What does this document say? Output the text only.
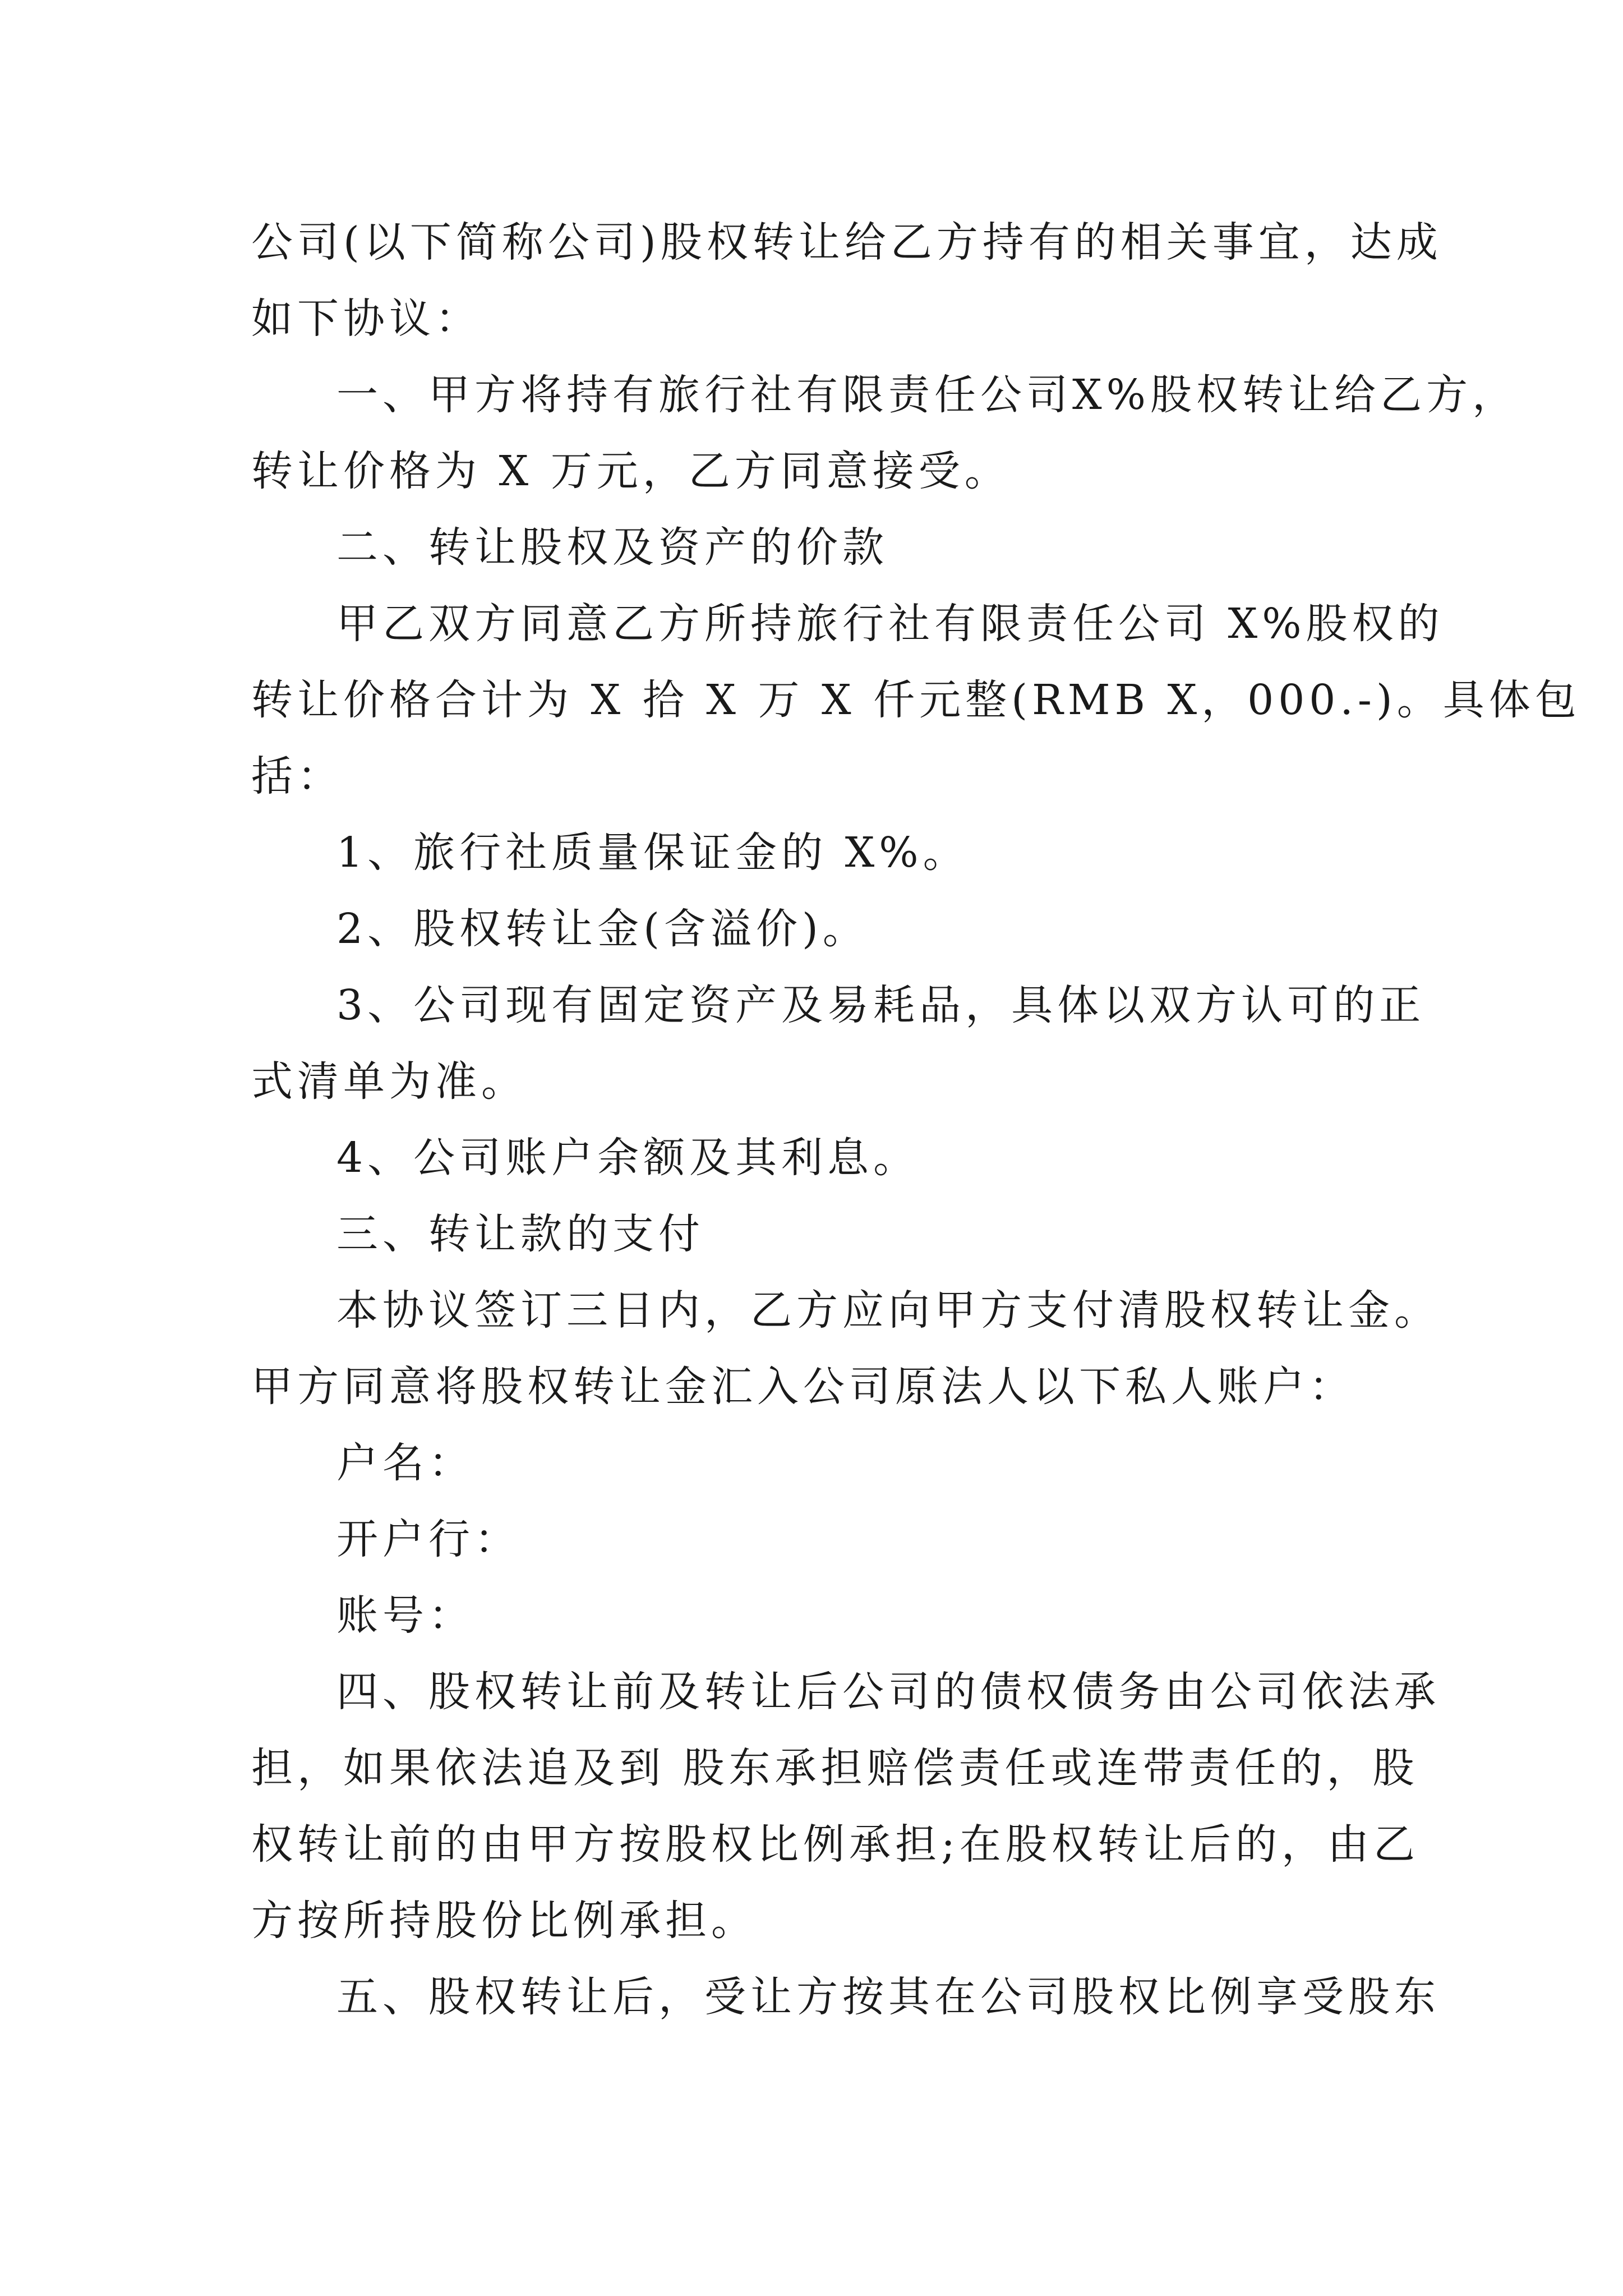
公司(以下简称公司)股权转让给乙方持有的相关事宜，达成

如下协议：

一、甲方将持有旅行社有限责任公司X%股权转让给乙方，

转让价格为 X 万元，乙方同意接受。

二、转让股权及资产的价款

甲乙双方同意乙方所持旅行社有限责任公司 X%股权的

转让价格合计为 X 拾 X 万 X 仟元整(RMB X，000.-)。具体包

括：

1、旅行社质量保证金的 X%。

2、股权转让金(含溢价)。

3、公司现有固定资产及易耗品，具体以双方认可的正

式清单为准。

4、公司账户余额及其利息。

三、转让款的支付

本协议签订三日内，乙方应向甲方支付清股权转让金。

甲方同意将股权转让金汇入公司原法人以下私人账户：

户名：

开户行：

账号：

四、股权转让前及转让后公司的债权债务由公司依法承

担，如果依法追及到 股东承担赔偿责任或连带责任的，股

权转让前的由甲方按股权比例承担;在股权转让后的，由乙

方按所持股份比例承担。

五、股权转让后，受让方按其在公司股权比例享受股东
